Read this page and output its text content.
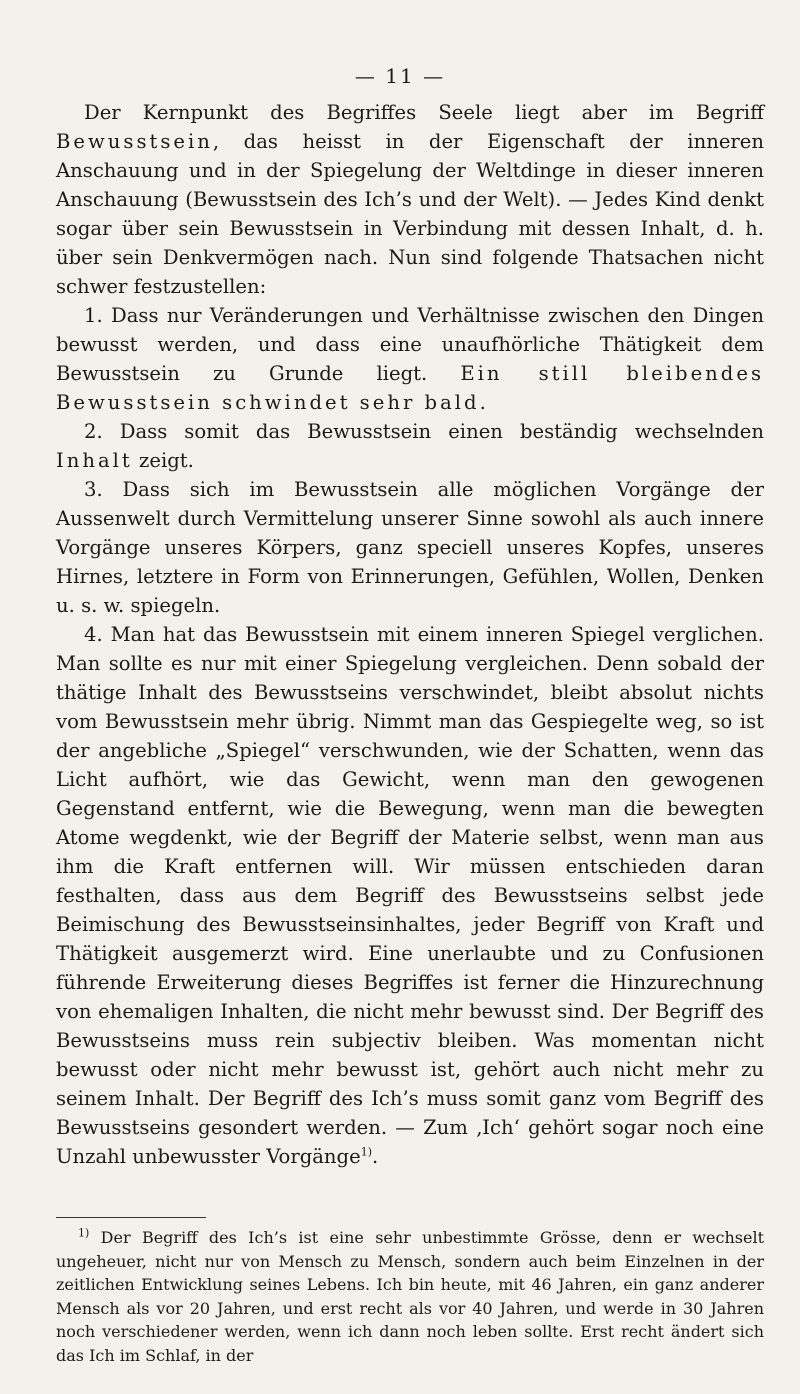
— 11 —

Der Kernpunkt des Begriffes Seele liegt aber im Begriff Bewusstsein, das heisst in der Eigenschaft der inneren Anschauung und in der Spiegelung der Weltdinge in dieser inneren Anschauung (Bewusstsein des Ich’s und der Welt). — Jedes Kind denkt sogar über sein Bewusstsein in Verbindung mit dessen Inhalt, d. h. über sein Denkvermögen nach. Nun sind folgende Thatsachen nicht schwer festzustellen:

1. Dass nur Veränderungen und Verhältnisse zwischen den Dingen bewusst werden, und dass eine unaufhörliche Thätigkeit dem Bewusstsein zu Grunde liegt. Ein still bleibendes Bewusstsein schwindet sehr bald.

2. Dass somit das Bewusstsein einen beständig wechselnden Inhalt zeigt.

3. Dass sich im Bewusstsein alle möglichen Vorgänge der Aussenwelt durch Vermittelung unserer Sinne sowohl als auch innere Vorgänge unseres Körpers, ganz speciell unseres Kopfes, unseres Hirnes, letztere in Form von Erinnerungen, Gefühlen, Wollen, Denken u. s. w. spiegeln.

4. Man hat das Bewusstsein mit einem inneren Spiegel verglichen. Man sollte es nur mit einer Spiegelung vergleichen. Denn sobald der thätige Inhalt des Bewusstseins verschwindet, bleibt absolut nichts vom Bewusstsein mehr übrig. Nimmt man das Gespiegelte weg, so ist der angebliche „Spiegel“ verschwunden, wie der Schatten, wenn das Licht aufhört, wie das Gewicht, wenn man den gewogenen Gegenstand entfernt, wie die Bewegung, wenn man die bewegten Atome wegdenkt, wie der Begriff der Materie selbst, wenn man aus ihm die Kraft entfernen will. Wir müssen entschieden daran festhalten, dass aus dem Begriff des Bewusstseins selbst jede Beimischung des Bewusstseinsinhaltes, jeder Begriff von Kraft und Thätigkeit ausgemerzt wird. Eine unerlaubte und zu Confusionen führende Erweiterung dieses Begriffes ist ferner die Hinzurechnung von ehemaligen Inhalten, die nicht mehr bewusst sind. Der Begriff des Bewusstseins muss rein subjectiv bleiben. Was momentan nicht bewusst oder nicht mehr bewusst ist, gehört auch nicht mehr zu seinem Inhalt. Der Begriff des Ich’s muss somit ganz vom Begriff des Bewusstseins gesondert werden. — Zum ‚Ich‘ gehört sogar noch eine Unzahl unbewusster Vorgänge$^{1)}$.

$^{1)}$ Der Begriff des Ich’s ist eine sehr unbestimmte Grösse, denn er wechselt ungeheuer, nicht nur von Mensch zu Mensch, sondern auch beim Einzelnen in der zeitlichen Entwicklung seines Lebens. Ich bin heute, mit 46 Jahren, ein ganz anderer Mensch als vor 20 Jahren, und erst recht als vor 40 Jahren, und werde in 30 Jahren noch verschiedener werden, wenn ich dann noch leben sollte. Erst recht ändert sich das Ich im Schlaf, in der
